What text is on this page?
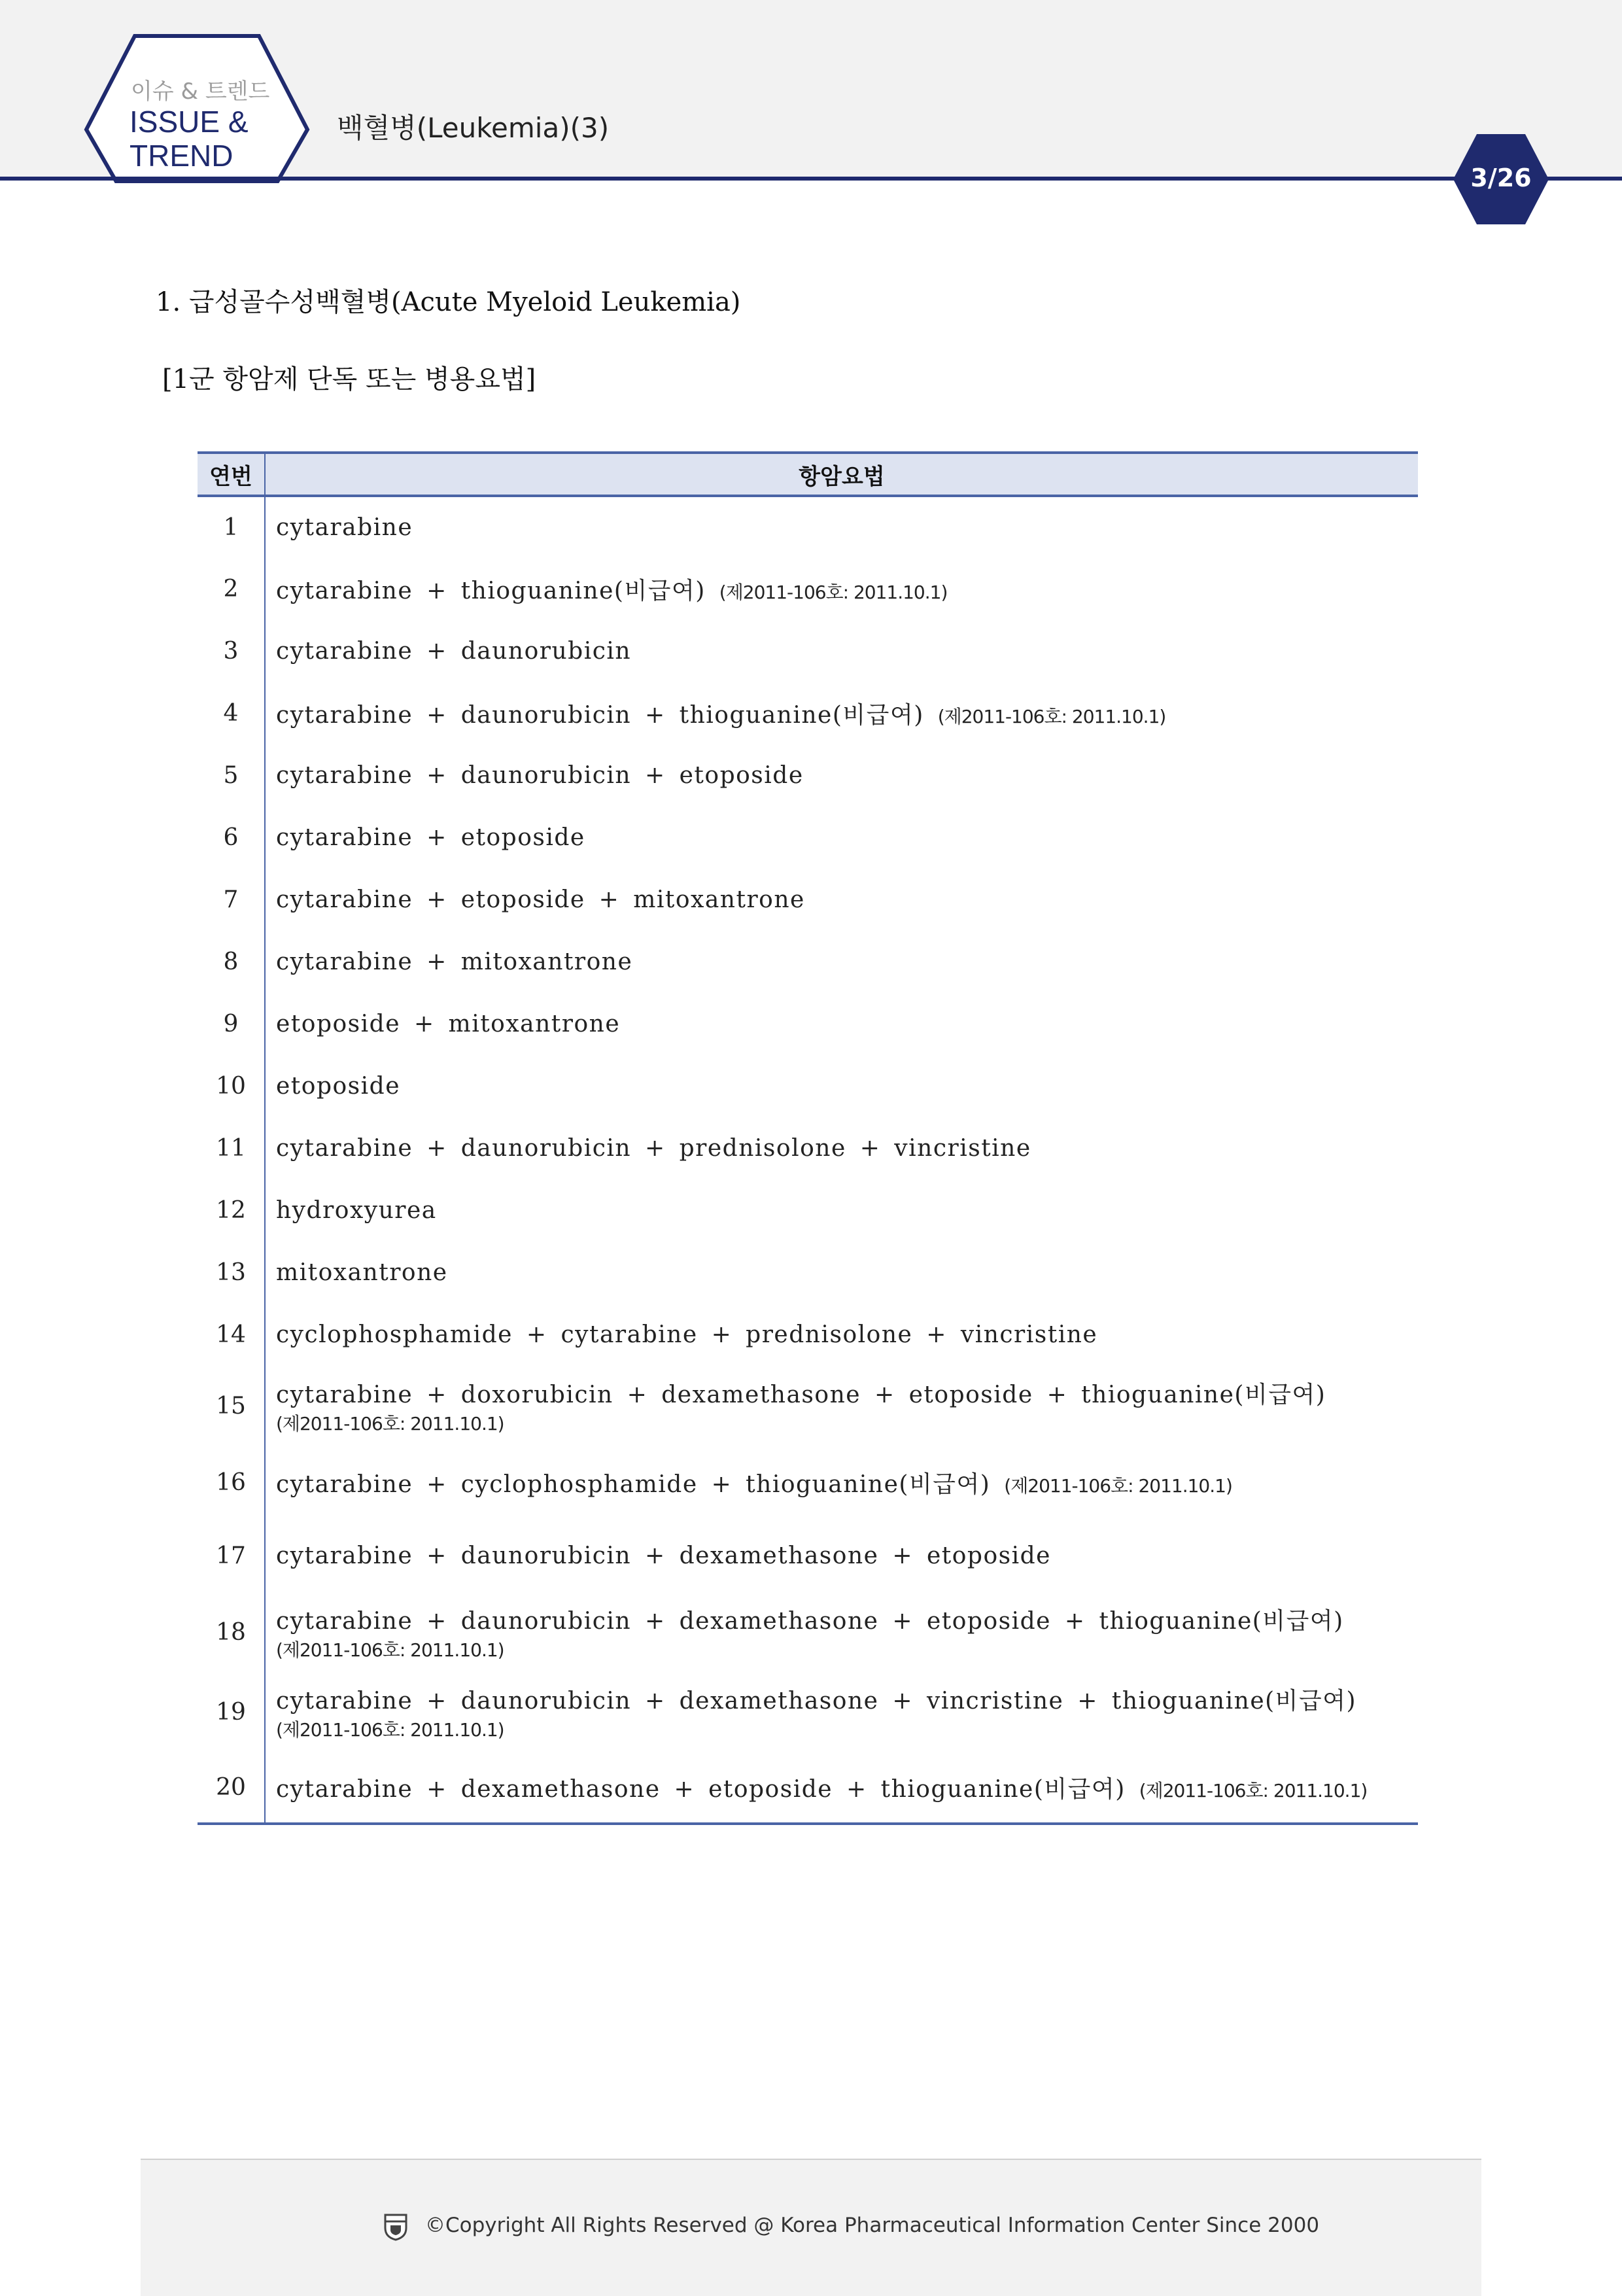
이슈 & 트렌드
ISSUE &
TREND
백혈병(Leukemia)(3)
3/26
1. 급성골수성백혈병(Acute Myeloid Leukemia)
[1군 항암제 단독 또는 병용요법]
연번	항암요법
1	cytarabine
2	cytarabine + thioguanine(비급여) (제2011-106호: 2011.10.1)
3	cytarabine + daunorubicin
4	cytarabine + daunorubicin + thioguanine(비급여) (제2011-106호: 2011.10.1)
5	cytarabine + daunorubicin + etoposide
6	cytarabine + etoposide
7	cytarabine + etoposide + mitoxantrone
8	cytarabine + mitoxantrone
9	etoposide + mitoxantrone
10	etoposide
11	cytarabine + daunorubicin + prednisolone + vincristine
12	hydroxyurea
13	mitoxantrone
14	cyclophosphamide + cytarabine + prednisolone + vincristine
15	cytarabine + doxorubicin + dexamethasone + etoposide + thioguanine(비급여)
(제2011-106호: 2011.10.1)

16	cytarabine + cyclophosphamide + thioguanine(비급여) (제2011-106호: 2011.10.1)
17	cytarabine + daunorubicin + dexamethasone + etoposide
18	cytarabine + daunorubicin + dexamethasone + etoposide + thioguanine(비급여)
(제2011-106호: 2011.10.1)

19	cytarabine + daunorubicin + dexamethasone + vincristine + thioguanine(비급여)
(제2011-106호: 2011.10.1)

20	cytarabine + dexamethasone + etoposide + thioguanine(비급여) (제2011-106호: 2011.10.1)
©Copyright All Rights Reserved @ Korea Pharmaceutical Information Center Since 2000
